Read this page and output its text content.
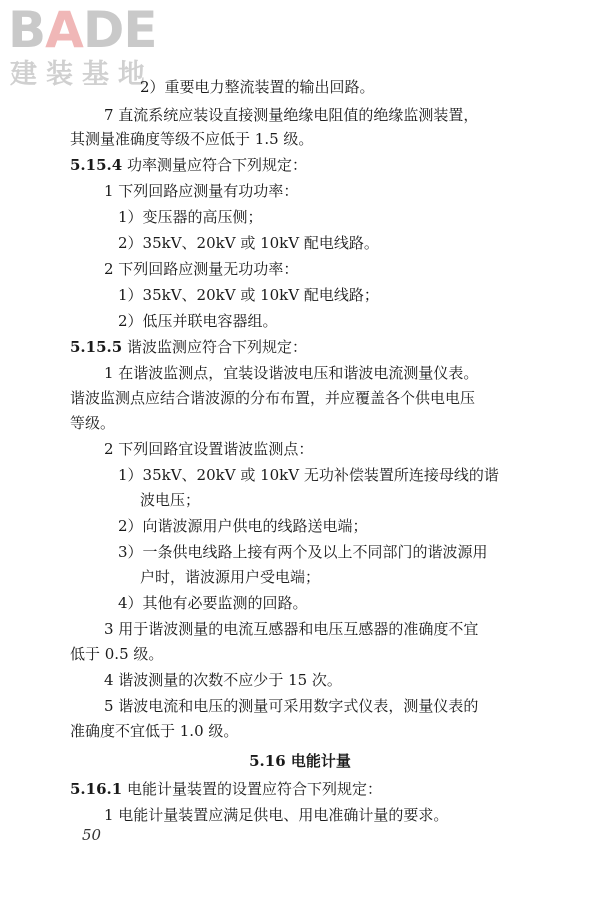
BADE
建装基地
2）重要电力整流装置的输出回路。
7 直流系统应装设直接测量绝缘电阻值的绝缘监测装置，
其测量准确度等级不应低于 1.5 级。
5.15.4 功率测量应符合下列规定：
1 下列回路应测量有功功率：
1）变压器的高压侧；
2）35kV、20kV 或 10kV 配电线路。
2 下列回路应测量无功功率：
1）35kV、20kV 或 10kV 配电线路；
2）低压并联电容器组。
5.15.5 谐波监测应符合下列规定：
1 在谐波监测点，宜装设谐波电压和谐波电流测量仪表。
谐波监测点应结合谐波源的分布布置，并应覆盖各个供电电压
等级。
2 下列回路宜设置谐波监测点：
1）35kV、20kV 或 10kV 无功补偿装置所连接母线的谐
波电压；
2）向谐波源用户供电的线路送电端；
3）一条供电线路上接有两个及以上不同部门的谐波源用
户时，谐波源用户受电端；
4）其他有必要监测的回路。
3 用于谐波测量的电流互感器和电压互感器的准确度不宜
低于 0.5 级。
4 谐波测量的次数不应少于 15 次。
5 谐波电流和电压的测量可采用数字式仪表，测量仪表的
准确度不宜低于 1.0 级。
5.16 电能计量
5.16.1 电能计量装置的设置应符合下列规定：
1 电能计量装置应满足供电、用电准确计量的要求。
50
